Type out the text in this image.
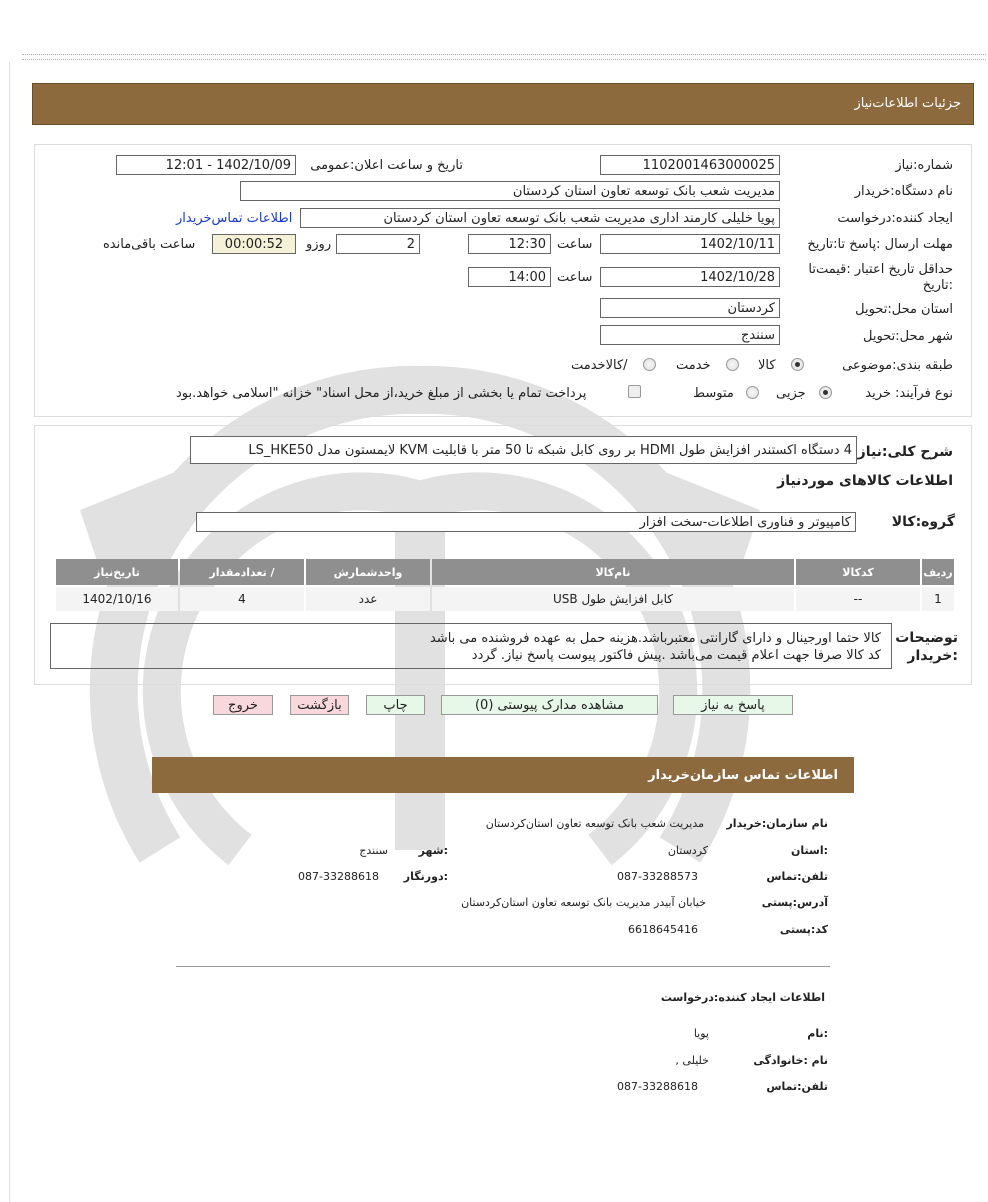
جزئیات اطلاعات‌نیاز
شماره:نیاز
1102001463000025
تاریخ و ساعت اعلان:عمومی
1402/10/09 - 12:01
نام دستگاه:خریدار
مدیریت شعب بانک توسعه تعاون استان کردستان
ایجاد کننده:درخواست
پویا خلیلی کارمند اداری مدیریت شعب بانک توسعه تعاون استان کردستان
اطلاعات تماس‌خریدار
مهلت ارسال :پاسخ تا:تاریخ
1402/10/11
ساعت
12:30
2
روزو
00:00:52
ساعت باقی‌مانده
حداقل تاریخ اعتبار :قیمت‌تا
:تاریخ
1402/10/28
ساعت
14:00
استان محل:تحویل
کردستان
شهر محل:تحویل
سنندج
طبقه بندی:موضوعی
کالا
خدمت
/کالاخدمت
نوع فرآیند: خرید
جزیی
متوسط
پرداخت تمام یا بخشی از مبلغ خرید،از محل اسناد" خزانه "اسلامی خواهد.بود
شرح کلی:نیاز
4 دستگاه اکستندر افزایش طول HDMI بر روی کابل شبکه تا 50 متر با قابلیت KVM لایمستون مدل LS_HKE50
اطلاعات کالاهای موردنیاز
گروه:کالا
کامپیوتر و فناوری اطلاعات-سخت افزار
ردیف	کدکالا	نام‌کالا	واحدشمارش	/ تعدادمقدار	تاریخ‌نیاز
1	--	کابل افزایش طول USB	عدد	4	1402/10/16
توضیحات
:خریدار
کالا حتما اورجینال و دارای گارانتی معتبرباشد.هزینه حمل به عهده فروشنده می باشد
کد کالا صرفا جهت اعلام قیمت می‌باشد .پیش فاکتور پیوست پاسخ نیاز. گردد
پاسخ به نیاز
مشاهده مدارک پیوستی (0)
چاپ
بازگشت
خروج
اطلاعات تماس سازمان‌خریدار
نام سازمان:خریدار
مدیریت شعب بانک توسعه تعاون استان‌کردستان
:استان
کردستان
:شهر
سنندج
تلفن:تماس
087-33288573
:دورنگار
087-33288618
آدرس:پستی
خیابان آبیدر مدیریت بانک توسعه تعاون استان‌کردستان
کد:پستی
6618645416
اطلاعات ایجاد کننده:درخواست
:نام
پویا
نام :خانوادگی
خلیلی ,
تلفن:تماس
087-33288618
